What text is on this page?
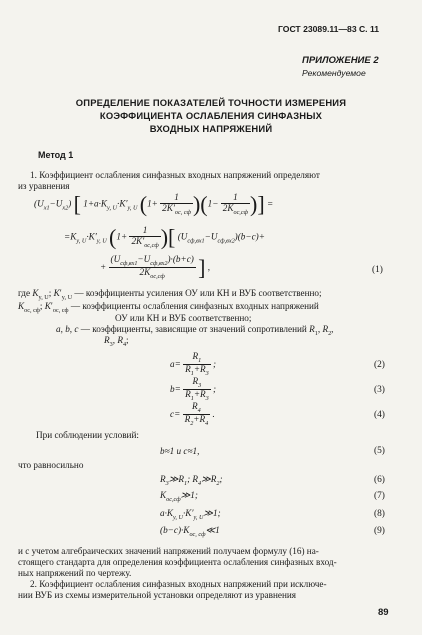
ГОСТ 23089.11—83 С. 11
ПРИЛОЖЕНИЕ 2
Рекомендуемое
ОПРЕДЕЛЕНИЕ ПОКАЗАТЕЛЕЙ ТОЧНОСТИ ИЗМЕРЕНИЯ
КОЭФФИЦИЕНТА ОСЛАБЛЕНИЯ СИНФАЗНЫХ
ВХОДНЫХ НАПРЯЖЕНИЙ
Метод 1
1. Коэффициент ослабления синфазных входных напряжений определяют
из уравнения
$(U_{x1}-U_{x2})$ [ $1+a\cdot K_{y, U}\cdot K'_{y, U}$ $(1+ \frac{1}{2K'_{oc, cф}} )(1- \frac{1}{2K_{oc,cф}}$ )] =
$=K_{y, U}\cdot K'_{y, U}$ ($1+ \frac{1}{2K'_{oc,cф}}$ )[ $(U_{cф,вх1}-U_{cф,вх2})(b-c)+$
+ $\frac{(U_{cф,вх1}-U_{cф,вх2})\cdot(b+c)}{2K_{oc,cф}}$ ] ,	(1)
где $K_{y, U}$; $K'_{y, U}$ — коэффициенты усиления ОУ или КН и ВУБ соответственно;
$K_{oc, cф}$; $K'_{oc, cф}$ — коэффициенты ослабления синфазных входных напряжений
ОУ или КН и ВУБ соответственно;
a, b, c — коэффициенты, зависящие от значений сопротивлений $R_1$, $R_2$,
$R_3$, $R_4$;
$a= \frac{R_1}{R_1+R_3}$ ;	(2)
$b= \frac{R_3}{R_1+R_3}$ ;	(3)
$c= \frac{R_4}{R_2+R_4}$ .	(4)
При соблюдении условий:
b≈1 и c≈1,	(5)
что равносильно
$R_3≫R_1$; $R_4≫R_2$;	(6)
$K_{oc,cф}≫1$;	(7)
$a\cdot K_{y, U}\cdot K'_{y, U}≫1$;	(8)
$(b-c)\cdot K_{oc, cф}≪1$	(9)
и с учетом алгебраических значений напряжений получаем формулу (16) на-
стоящего стандарта для определения коэффициента ослабления синфазных вход-
ных напряжений по чертежу.
2. Коэффициент ослабления синфазных входных напряжений при исключе-
нии ВУБ из схемы измерительной установки определяют из уравнения
89
